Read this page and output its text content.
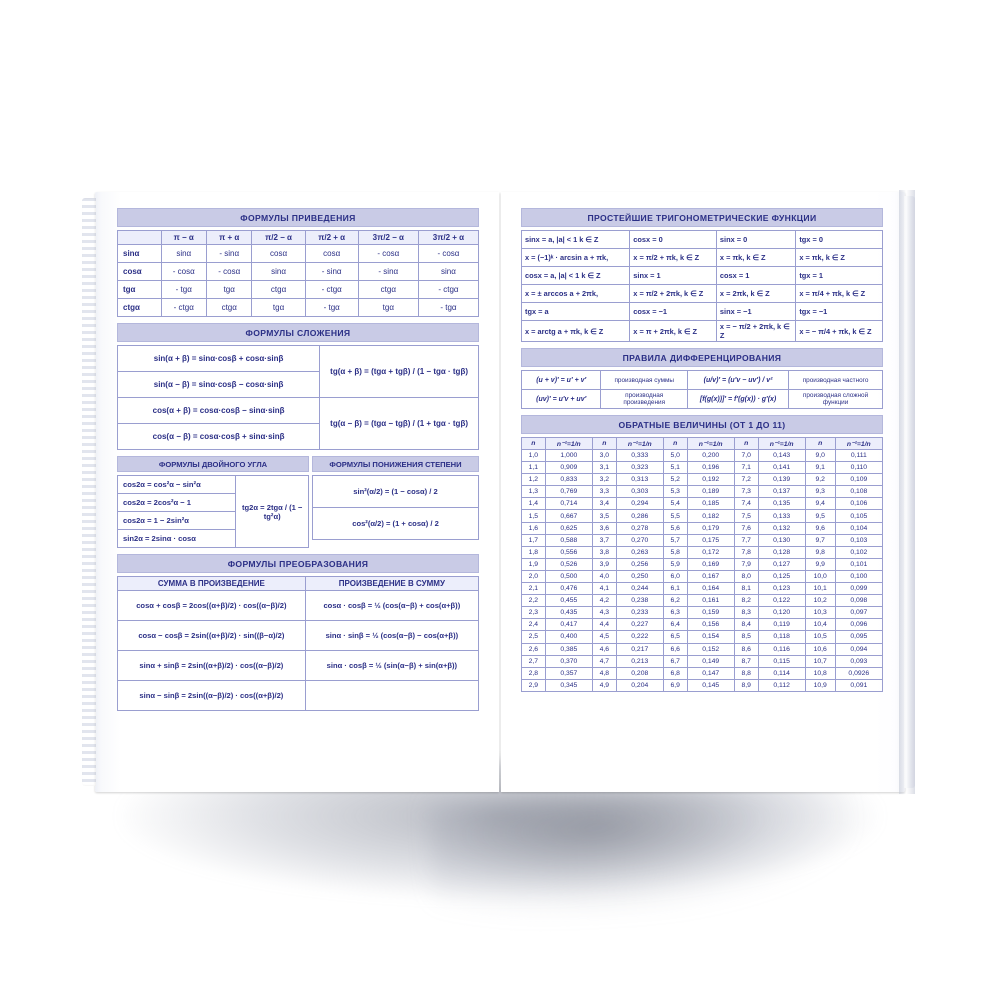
ФОРМУЛЫ ПРИВЕДЕНИЯ
	π − α	π + α	π/2 − α	π/2 + α	3π/2 − α	3π/2 + α
sinα	sinα	- sinα	cosα	cosα	- cosα	- cosα
cosα	- cosα	- cosα	sinα	- sinα	- sinα	sinα
tgα	- tgα	tgα	ctgα	- ctgα	ctgα	- ctgα
ctgα	- ctgα	ctgα	tgα	- tgα	tgα	- tgα
ФОРМУЛЫ СЛОЖЕНИЯ
sin(α + β) = sinα·cosβ + cosα·sinβ	tg(α + β) = (tgα + tgβ) / (1 − tgα · tgβ)
sin(α − β) = sinα·cosβ − cosα·sinβ	
cos(α + β) = cosα·cosβ − sinα·sinβ	tg(α − β) = (tgα − tgβ) / (1 + tgα · tgβ)
cos(α − β) = cosα·cosβ + sinα·sinβ	
ФОРМУЛЫ ДВОЙНОГО УГЛА
cos2α = cos²α − sin²α	tg2α = 2tgα / (1 − tg²α)
cos2α = 2cos²α − 1
cos2α = 1 − 2sin²α
sin2α = 2sinα · cosα
ФОРМУЛЫ ПОНИЖЕНИЯ СТЕПЕНИ
sin²(α/2) = (1 − cosα) / 2
cos²(α/2) = (1 + cosα) / 2
ФОРМУЛЫ ПРЕОБРАЗОВАНИЯ
СУММА В ПРОИЗВЕДЕНИЕ	ПРОИЗВЕДЕНИЕ В СУММУ
cosα + cosβ = 2cos((α+β)/2) · cos((α−β)/2)	cosα · cosβ = ½ (cos(α−β) + cos(α+β))
cosα − cosβ = 2sin((α+β)/2) · sin((β−α)/2)	sinα · sinβ = ½ (cos(α−β) − cos(α+β))
sinα + sinβ = 2sin((α+β)/2) · cos((α−β)/2)	sinα · cosβ = ½ (sin(α−β) + sin(α+β))
sinα − sinβ = 2sin((α−β)/2) · cos((α+β)/2)	
ПРОСТЕЙШИЕ ТРИГОНОМЕТРИЧЕСКИЕ ФУНКЦИИ
sinx = a, |a| < 1 k ∈ Z	cosx = 0	sinx = 0	tgx = 0
x = (−1)ᵏ · arcsin a + πk,	x = π/2 + πk, k ∈ Z	x = πk, k ∈ Z	x = πk, k ∈ Z
cosx = a, |a| < 1 k ∈ Z	sinx = 1	cosx = 1	tgx = 1
x = ± arccos a + 2πk,	x = π/2 + 2πk, k ∈ Z	x = 2πk, k ∈ Z	x = π/4 + πk, k ∈ Z
tgx = a	cosx = −1	sinx = −1	tgx = −1
x = arctg a + πk, k ∈ Z	x = π + 2πk, k ∈ Z	x = − π/2 + 2πk, k ∈ Z	x = − π/4 + πk, k ∈ Z
ПРАВИЛА ДИФФЕРЕНЦИРОВАНИЯ
(u + v)′ = u′ + v′	производная суммы	(u/v)′ = (u′v − uv′) / v²	производная частного
(uv)′ = u′v + uv′	производная произведения	[f(g(x))]′ = f′(g(x)) · g′(x)	производная сложной функции
ОБРАТНЫЕ ВЕЛИЧИНЫ (ОТ 1 ДО 11)
n	n⁻¹=1/n	n	n⁻¹=1/n	n	n⁻¹=1/n	n	n⁻¹=1/n	n	n⁻¹=1/n
1,0	1,000	3,0	0,333	5,0	0,200	7,0	0,143	9,0	0,111
1,1	0,909	3,1	0,323	5,1	0,196	7,1	0,141	9,1	0,110
1,2	0,833	3,2	0,313	5,2	0,192	7,2	0,139	9,2	0,109
1,3	0,769	3,3	0,303	5,3	0,189	7,3	0,137	9,3	0,108
1,4	0,714	3,4	0,294	5,4	0,185	7,4	0,135	9,4	0,106
1,5	0,667	3,5	0,286	5,5	0,182	7,5	0,133	9,5	0,105
1,6	0,625	3,6	0,278	5,6	0,179	7,6	0,132	9,6	0,104
1,7	0,588	3,7	0,270	5,7	0,175	7,7	0,130	9,7	0,103
1,8	0,556	3,8	0,263	5,8	0,172	7,8	0,128	9,8	0,102
1,9	0,526	3,9	0,256	5,9	0,169	7,9	0,127	9,9	0,101
2,0	0,500	4,0	0,250	6,0	0,167	8,0	0,125	10,0	0,100
2,1	0,476	4,1	0,244	6,1	0,164	8,1	0,123	10,1	0,099
2,2	0,455	4,2	0,238	6,2	0,161	8,2	0,122	10,2	0,098
2,3	0,435	4,3	0,233	6,3	0,159	8,3	0,120	10,3	0,097
2,4	0,417	4,4	0,227	6,4	0,156	8,4	0,119	10,4	0,096
2,5	0,400	4,5	0,222	6,5	0,154	8,5	0,118	10,5	0,095
2,6	0,385	4,6	0,217	6,6	0,152	8,6	0,116	10,6	0,094
2,7	0,370	4,7	0,213	6,7	0,149	8,7	0,115	10,7	0,093
2,8	0,357	4,8	0,208	6,8	0,147	8,8	0,114	10,8	0,0926
2,9	0,345	4,9	0,204	6,9	0,145	8,9	0,112	10,9	0,091
